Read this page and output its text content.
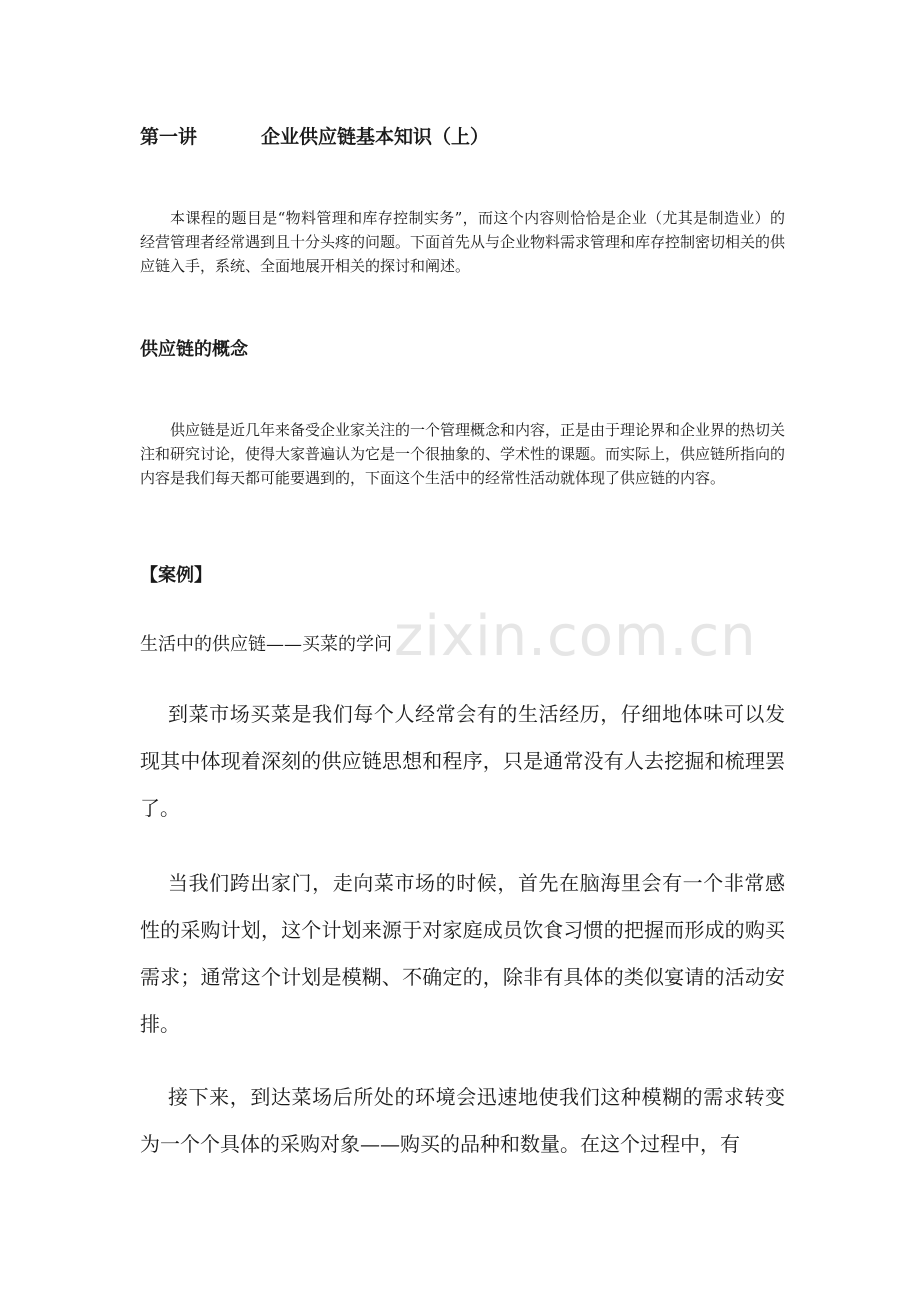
zixin.com.cn
第一讲	企业供应链基本知识（上）

本课程的题目是“物料管理和库存控制实务”，而这个内容则恰恰是企业（尤其是制造业）的经营管理者经常遇到且十分头疼的问题。下面首先从与企业物料需求管理和库存控制密切相关的供应链入手，系统、全面地展开相关的探讨和阐述。

供应链的概念

供应链是近几年来备受企业家关注的一个管理概念和内容，正是由于理论界和企业界的热切关注和研究讨论，使得大家普遍认为它是一个很抽象的、学术性的课题。而实际上，供应链所指向的内容是我们每天都可能要遇到的，下面这个生活中的经常性活动就体现了供应链的内容。

【案例】
生活中的供应链——买菜的学问

到菜市场买菜是我们每个人经常会有的生活经历，仔细地体味可以发现其中体现着深刻的供应链思想和程序，只是通常没有人去挖掘和梳理罢了。

当我们跨出家门，走向菜市场的时候，首先在脑海里会有一个非常感性的采购计划，这个计划来源于对家庭成员饮食习惯的把握而形成的购买需求；通常这个计划是模糊、不确定的，除非有具体的类似宴请的活动安排。

接下来，到达菜场后所处的环境会迅速地使我们这种模糊的需求转变为一个个具体的采购对象——购买的品种和数量。在这个过程中，有
